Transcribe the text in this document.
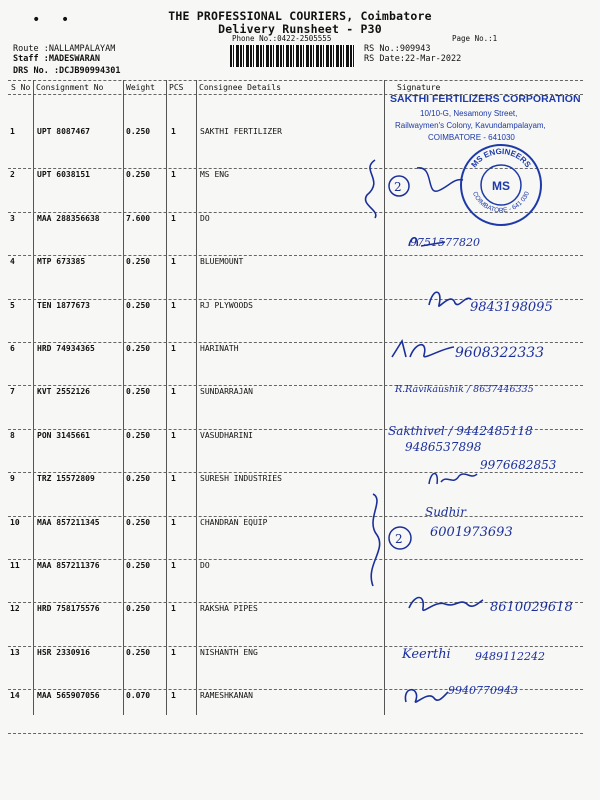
• •	THE PROFESSIONAL COURIERS, Coimbatore
Delivery Runsheet - P30
Phone No.:0422-2505555	Page No.:1
Route :NALLAMPALAYAM
Staff :MADESWARAN
DRS No. :DCJB90994301
RS No.:909943
RS Date:22-Mar-2022
S No Consignment No	Weight PCS Consignee Details	Signature
1	UPT 8087467	0.250	1	SAKTHI FERTILIZER
2	UPT 6038151	0.250	1	MS ENG
3	MAA 288356638	7.600	1	DO
4	MTP 673385	0.250	1	BLUEMOUNT
5	TEN 1877673	0.250	1	RJ PLYWOODS
6	HRD 74934365	0.250	1	HARINATH
7	KVT 2552126	0.250	1	SUNDARRAJAN
8	PON 3145661	0.250	1	VASUDHARINI
9	TRZ 15572809	0.250	1	SURESH INDUSTRIES
10 MAA 857211345	0.250	1	CHANDRAN EQUIP
11 MAA 857211376	0.250	1	DO
12 HRD 758175576	0.250	1	RAKSHA PIPES
13 HSR 2330916	0.250	1	NISHANTH ENG
14 MAA 565907056	0.070	1	RAMESHKANAN
SAKTHI FERTILIZERS CORPORATION
10/10-G, Nesamony Street,
Railwaymen's Colony, Kavundampalayam,
COIMBATORE - 641030
MS ENGINEERS
COIMBATORE - 641 030
MS
2
2
9751577820
9843198095
9608322333
R.Ravikaushik / 8637446335
Sakthivel / 9442485118
9486537898
9976682853
Sudhir
6001973693
8610029618
Keerthi 9489112242
9940770943
